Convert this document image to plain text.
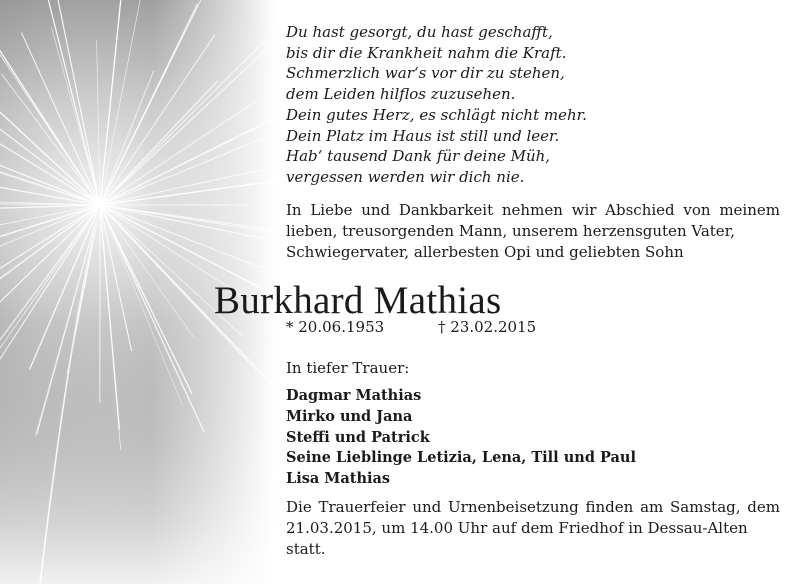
Du hast gesorgt, du hast geschafft,
bis dir die Krankheit nahm die Kraft.
Schmerzlich war‘s vor dir zu stehen,
dem Leiden hilflos zuzusehen.
Dein gutes Herz, es schlägt nicht mehr.
Dein Platz im Haus ist still und leer.
Hab‘ tausend Dank für deine Müh,
vergessen werden wir dich nie.

In Liebe und Dankbarkeit nehmen wir Abschied von meinem lieben, treusorgenden Mann, unserem herzensguten Vater,
Schwiegervater, allerbesten Opi und geliebten Sohn

Burkhard Mathias
* 20.06.1953	† 23.02.2015
In tiefer Trauer:
Dagmar Mathias
Mirko und Jana
Steffi und Patrick
Seine Lieblinge Letizia, Lena, Till und Paul
Lisa Mathias

Die Trauerfeier und Urnenbeisetzung finden am Samstag, dem 21.03.2015, um 14.00 Uhr auf dem Friedhof in Dessau-Alten
statt.
